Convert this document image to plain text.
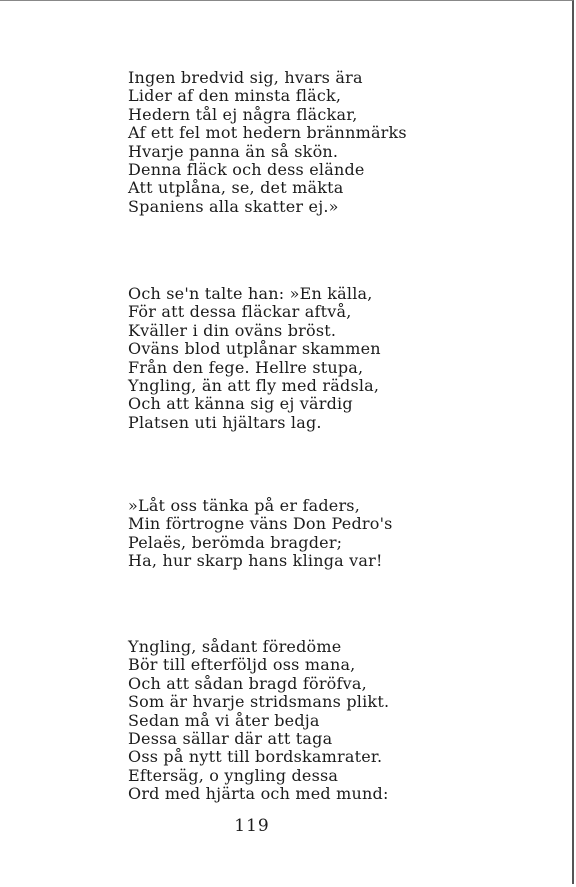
Ingen bredvid sig, hvars ära
Lider af den minsta fläck,
Hedern tål ej några fläckar,
Af ett fel mot hedern brännmärks
Hvarje panna än så skön.
Denna fläck och dess elände
Att utplåna, se, det mäkta
Spaniens alla skatter ej.»
Och se'n talte han: »En källa,
För att dessa fläckar aftvå,
Kväller i din oväns bröst.
Oväns blod utplånar skammen
Från den fege. Hellre stupa,
Yngling, än att fly med rädsla,
Och att känna sig ej värdig
Platsen uti hjältars lag.
»Låt oss tänka på er faders,
Min förtrogne väns Don Pedro's
Pelaës, berömda bragder;
Ha, hur skarp hans klinga var!
Yngling, sådant föredöme
Bör till efterföljd oss mana,
Och att sådan bragd föröfva,
Som är hvarje stridsmans plikt.
Sedan må vi åter bedja
Dessa sällar där att taga
Oss på nytt till bordskamrater.
Eftersäg, o yngling dessa
Ord med hjärta och med mund:
119
